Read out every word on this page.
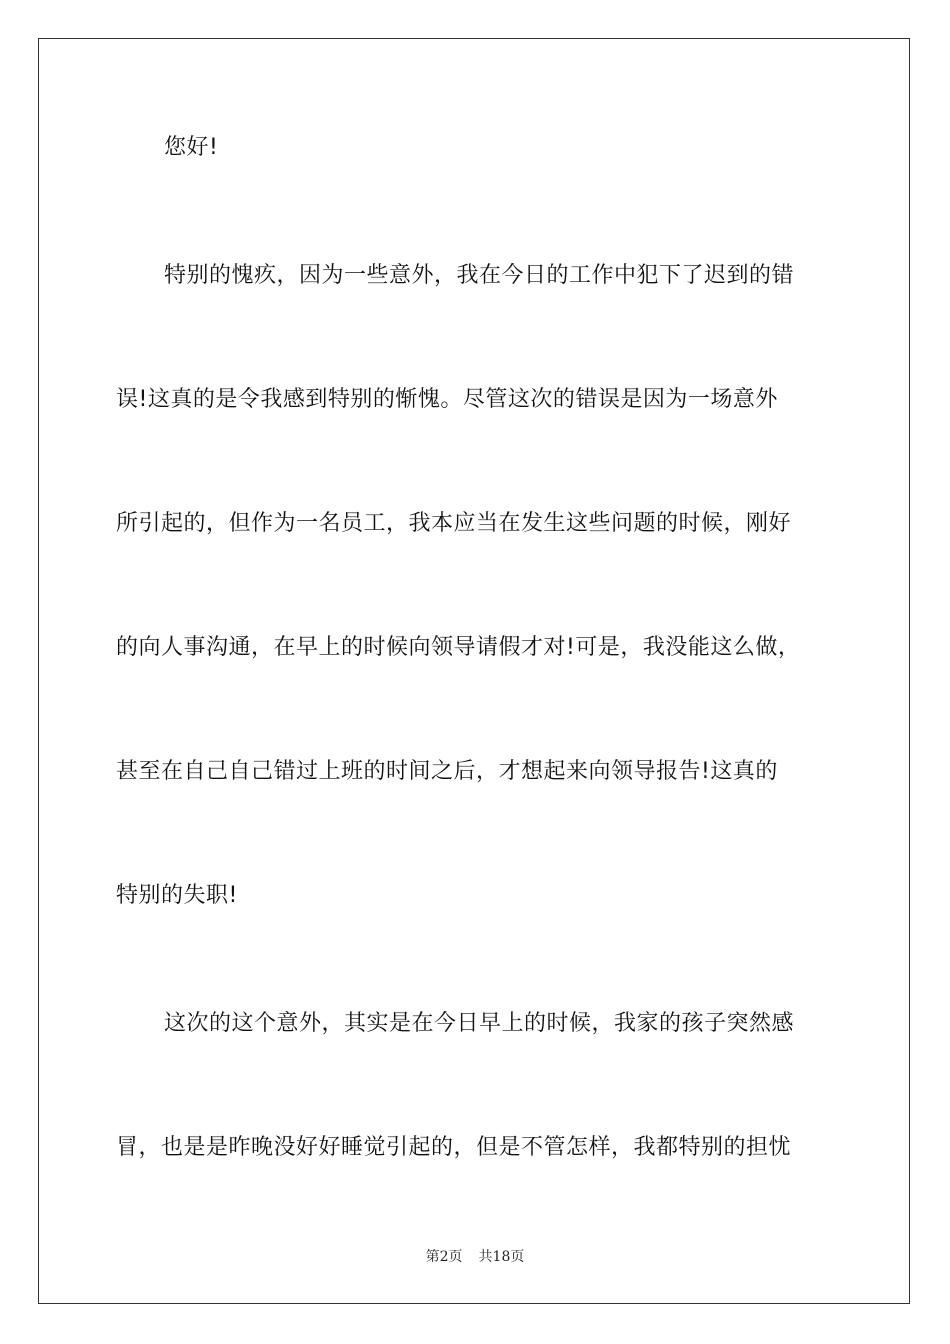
您好!
特别的愧疚，因为一些意外，我在今日的工作中犯下了迟到的错
误!这真的是令我感到特别的惭愧。尽管这次的错误是因为一场意外
所引起的，但作为一名员工，我本应当在发生这些问题的时候，刚好
的向人事沟通，在早上的时候向领导请假才对!可是，我没能这么做，
甚至在自己自己错过上班的时间之后，才想起来向领导报告!这真的
特别的失职!
这次的这个意外，其实是在今日早上的时候，我家的孩子突然感
冒，也是是昨晚没好好睡觉引起的，但是不管怎样，我都特别的担忧
第2页 共18页
